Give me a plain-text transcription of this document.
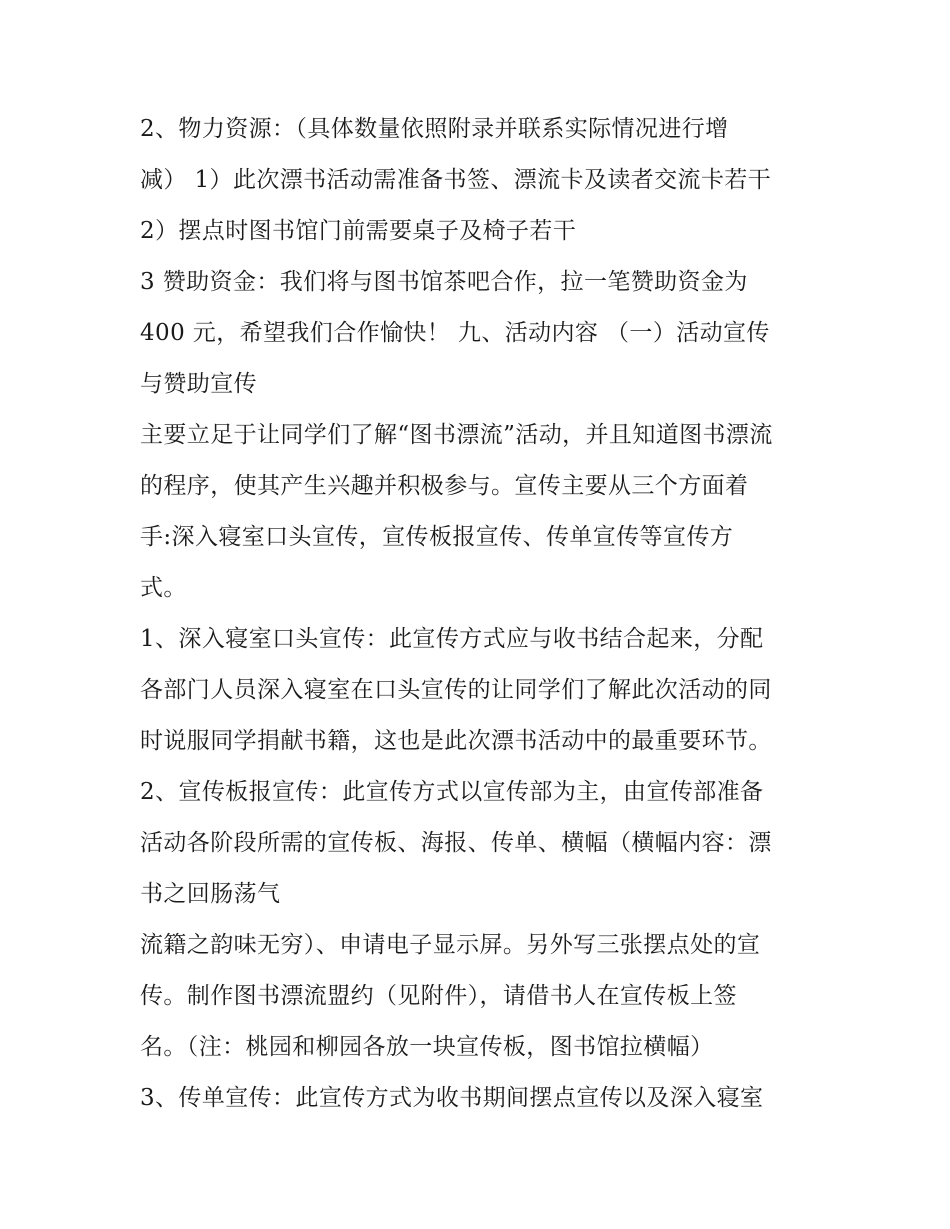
2、物力资源：（具体数量依照附录并联系实际情况进行增
减） 1）此次漂书活动需准备书签、漂流卡及读者交流卡若干
2）摆点时图书馆门前需要桌子及椅子若干
3 赞助资金：我们将与图书馆茶吧合作，拉一笔赞助资金为
400 元，希望我们合作愉快！ 九、活动内容 （一）活动宣传
与赞助宣传
主要立足于让同学们了解“图书漂流”活动，并且知道图书漂流
的程序，使其产生兴趣并积极参与。宣传主要从三个方面着
手:深入寝室口头宣传，宣传板报宣传、传单宣传等宣传方
式。
1、深入寝室口头宣传：此宣传方式应与收书结合起来，分配
各部门人员深入寝室在口头宣传的让同学们了解此次活动的同
时说服同学捐献书籍，这也是此次漂书活动中的最重要环节。
2、宣传板报宣传：此宣传方式以宣传部为主，由宣传部准备
活动各阶段所需的宣传板、海报、传单、横幅（横幅内容：漂
书之回肠荡气
流籍之韵味无穷）、申请电子显示屏。另外写三张摆点处的宣
传。制作图书漂流盟约（见附件），请借书人在宣传板上签
名。（注：桃园和柳园各放一块宣传板，图书馆拉横幅）
3、传单宣传：此宣传方式为收书期间摆点宣传以及深入寝室
